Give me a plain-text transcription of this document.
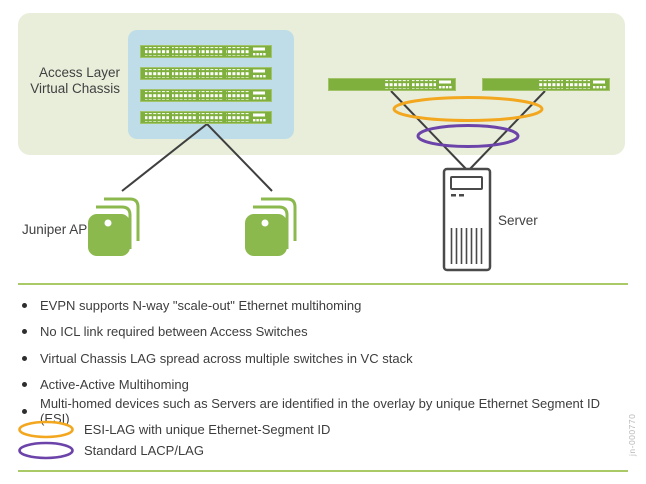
Access Layer
Virtual Chassis
Juniper AP
Server
EVPN supports N-way "scale-out" Ethernet multihoming
No ICL link required between Access Switches
Virtual Chassis LAG spread across multiple switches in VC stack
Active-Active Multihoming
Multi-homed devices such as Servers are identified in the overlay by unique Ethernet Segment ID (ESI)
ESI-LAG with unique Ethernet-Segment ID
Standard LACP/LAG	jn-000770
